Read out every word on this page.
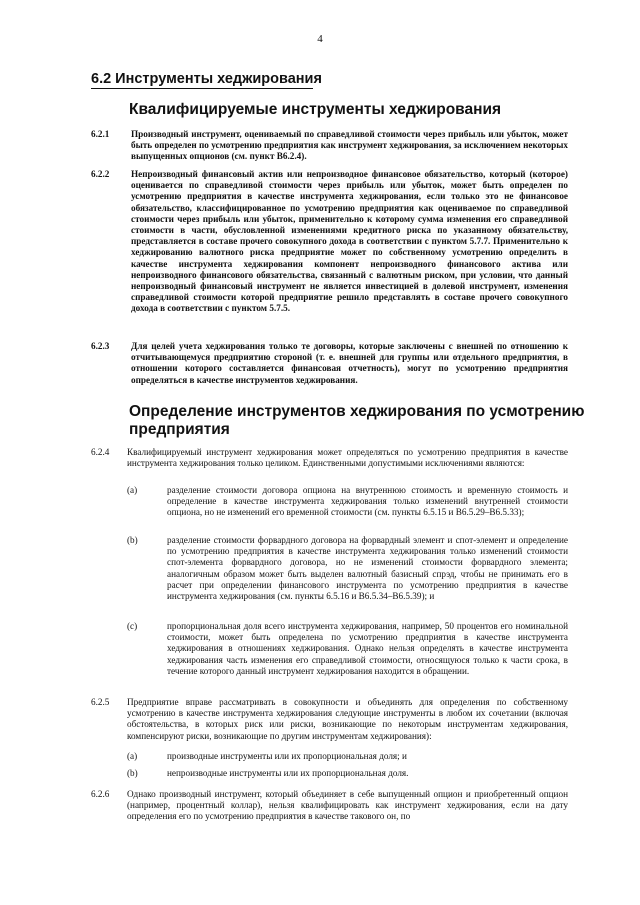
4
6.2 Инструменты хеджирования
Квалифицируемые инструменты хеджирования
6.2.1 Производный инструмент, оцениваемый по справедливой стоимости через прибыль или убыток, может быть определен по усмотрению предприятия как инструмент хеджирования, за исключением некоторых выпущенных опционов (см. пункт B6.2.4).
6.2.2 Непроизводный финансовый актив или непроизводное финансовое обязательство, который (которое) оценивается по справедливой стоимости через прибыль или убыток, может быть определен по усмотрению предприятия в качестве инструмента хеджирования, если только это не финансовое обязательство, классифицированное по усмотрению предприятия как оцениваемое по справедливой стоимости через прибыль или убыток, применительно к которому сумма изменения его справедливой стоимости в части, обусловленной изменениями кредитного риска по указанному обязательству, представляется в составе прочего совокупного дохода в соответствии с пунктом 5.7.7. Применительно к хеджированию валютного риска предприятие может по собственному усмотрению определить в качестве инструмента хеджирования компонент непроизводного финансового актива или непроизводного финансового обязательства, связанный с валютным риском, при условии, что данный непроизводный финансовый инструмент не является инвестицией в долевой инструмент, изменения справедливой стоимости которой предприятие решило представлять в составе прочего совокупного дохода в соответствии с пунктом 5.7.5.
6.2.3 Для целей учета хеджирования только те договоры, которые заключены с внешней по отношению к отчитывающемуся предприятию стороной (т. е. внешней для группы или отдельного предприятия, в отношении которого составляется финансовая отчетность), могут по усмотрению предприятия определяться в качестве инструментов хеджирования.
Определение инструментов хеджирования по усмотрению предприятия
6.2.4 Квалифицируемый инструмент хеджирования может определяться по усмотрению предприятия в качестве инструмента хеджирования только целиком. Единственными допустимыми исключениями являются:
(a)	разделение стоимости договора опциона на внутреннюю стоимость и временную стоимость и определение в качестве инструмента хеджирования только изменений внутренней стоимости опциона, но не изменений его временной стоимости (см. пункты 6.5.15 и B6.5.29–B6.5.33);
(b)	разделение стоимости форвардного договора на форвардный элемент и спот-элемент и определение по усмотрению предприятия в качестве инструмента хеджирования только изменений стоимости спот-элемента форвардного договора, но не изменений стоимости форвардного элемента; аналогичным образом может быть выделен валютный базисный спрэд, чтобы не принимать его в расчет при определении финансового инструмента по усмотрению предприятия в качестве инструмента хеджирования (см. пункты 6.5.16 и B6.5.34–B6.5.39); и
(c)	пропорциональная доля всего инструмента хеджирования, например, 50 процентов его номинальной стоимости, может быть определена по усмотрению предприятия в качестве инструмента хеджирования в отношениях хеджирования. Однако нельзя определять в качестве инструмента хеджирования часть изменения его справедливой стоимости, относящуюся только к части срока, в течение которого данный инструмент хеджирования находится в обращении.
6.2.5 Предприятие вправе рассматривать в совокупности и объединять для определения по собственному усмотрению в качестве инструмента хеджирования следующие инструменты в любом их сочетании (включая обстоятельства, в которых риск или риски, возникающие по некоторым инструментам хеджирования, компенсируют риски, возникающие по другим инструментам хеджирования):
(a)	производные инструменты или их пропорциональная доля; и
(b)	непроизводные инструменты или их пропорциональная доля.
6.2.6 Однако производный инструмент, который объединяет в себе выпущенный опцион и приобретенный опцион (например, процентный коллар), нельзя квалифицировать как инструмент хеджирования, если на дату определения его по усмотрению предприятия в качестве такового он, по
